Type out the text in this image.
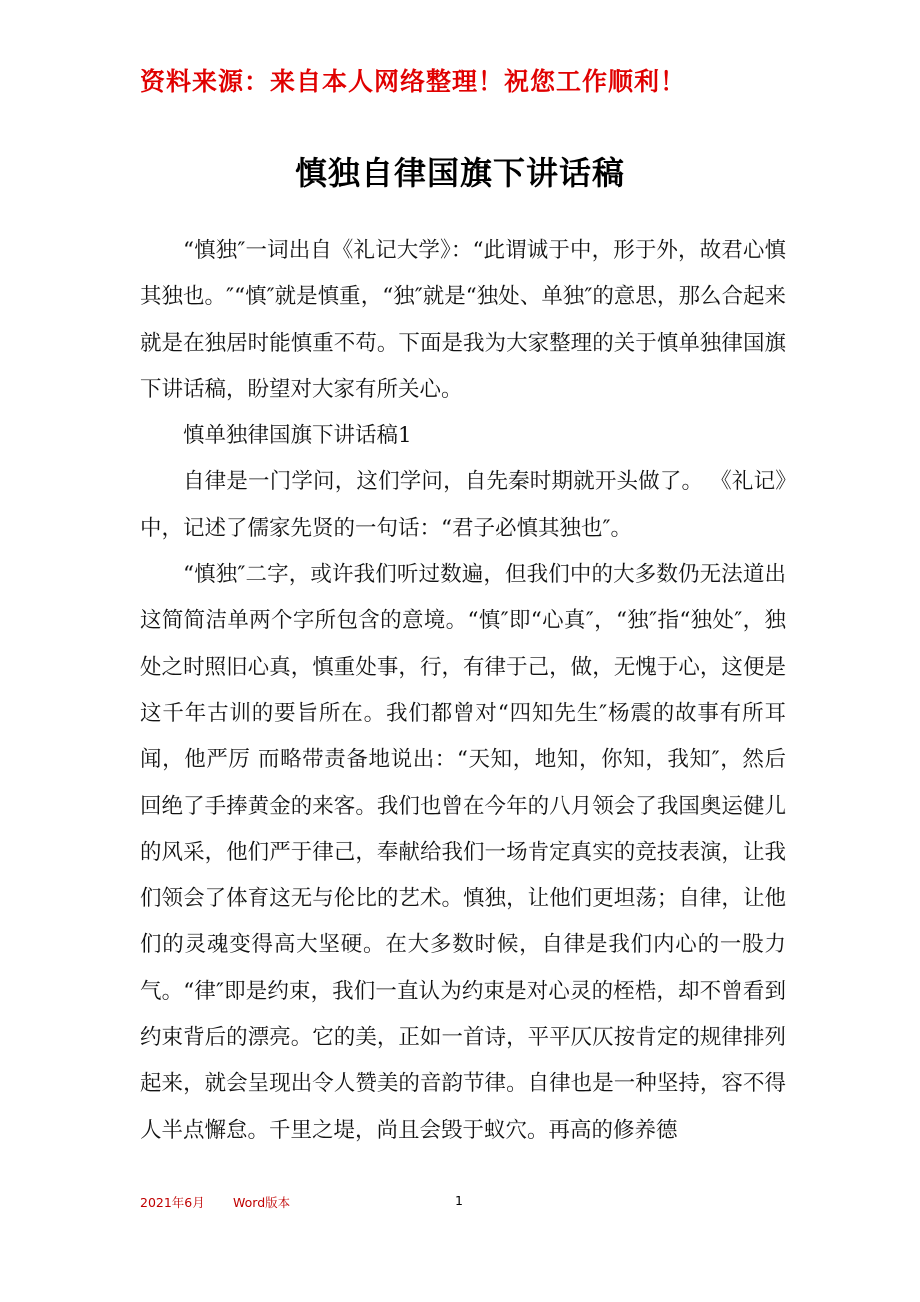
资料来源：来自本人网络整理！祝您工作顺利！
慎独自律国旗下讲话稿

“慎独″一词出自《礼记大学》：“此谓诚于中，形于外，故君心慎其独也。″“慎″就是慎重，“独″就是“独处、单独″的意思，那么合起来就是在独居时能慎重不苟。下面是我为大家整理的关于慎单独律国旗下讲话稿，盼望对大家有所关心。

慎单独律国旗下讲话稿1

自律是一门学问，这们学问，自先秦时期就开头做了。 《礼记》中，记述了儒家先贤的一句话：“君子必慎其独也″。

“慎独″二字，或许我们听过数遍，但我们中的大多数仍无法道出这简简洁单两个字所包含的意境。“慎″即“心真″，“独″指“独处″，独处之时照旧心真，慎重处事，行，有律于己，做，无愧于心，这便是这千年古训的要旨所在。我们都曾对“四知先生″杨震的故事有所耳闻，他严厉 而略带责备地说出：“天知，地知，你知，我知″，然后回绝了手捧黄金的来客。我们也曾在今年的八月领会了我国奥运健儿的风采，他们严于律己，奉献给我们一场肯定真实的竞技表演，让我们领会了体育这无与伦比的艺术。慎独，让他们更坦荡；自律，让他们的灵魂变得高大坚硬。在大多数时候，自律是我们内心的一股力气。“律″即是约束，我们一直认为约束是对心灵的桎梏，却不曾看到约束背后的漂亮。它的美，正如一首诗，平平仄仄按肯定的规律排列起来，就会呈现出令人赞美的音韵节律。自律也是一种坚持，容不得人半点懈怠。千里之堤，尚且会毁于蚁穴。再高的修养德

2021年6月 Word版本	1
